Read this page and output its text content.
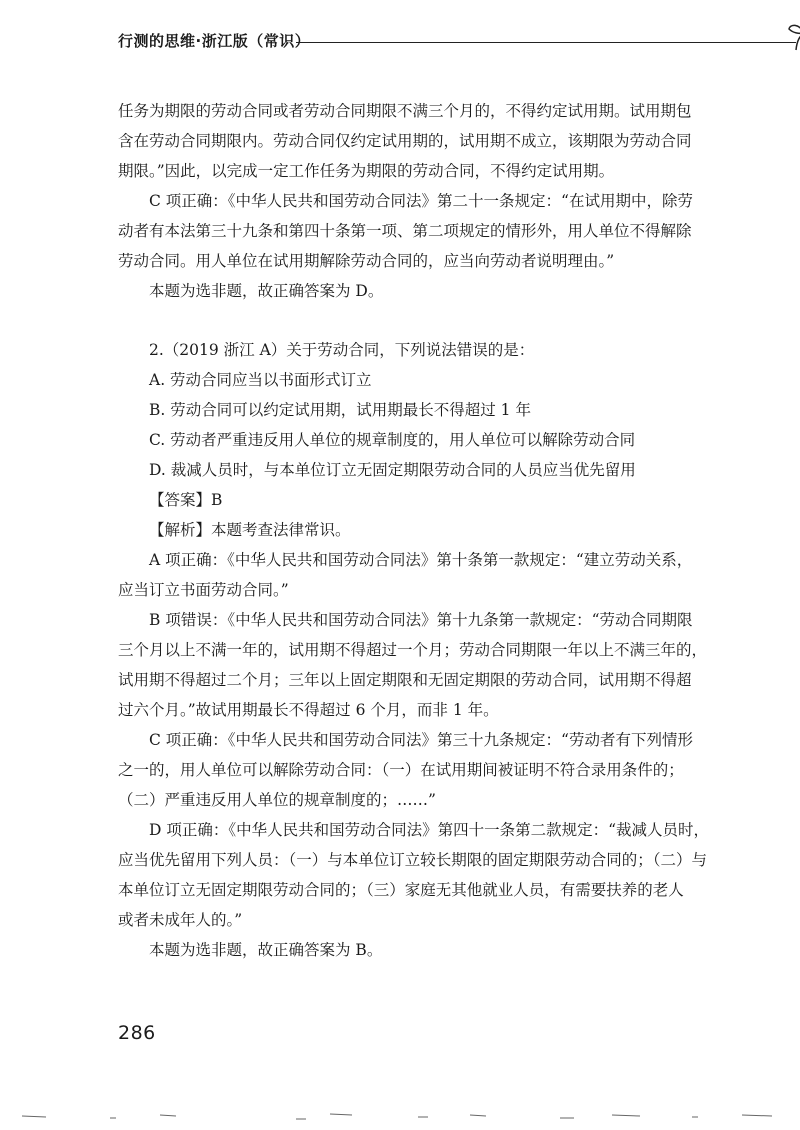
行测的思维·浙江版（常识）
任务为期限的劳动合同或者劳动合同期限不满三个月的，不得约定试用期。试用期包
含在劳动合同期限内。劳动合同仅约定试用期的，试用期不成立，该期限为劳动合同
期限。”因此，以完成一定工作任务为期限的劳动合同，不得约定试用期。
C 项正确：《中华人民共和国劳动合同法》第二十一条规定：“在试用期中，除劳
动者有本法第三十九条和第四十条第一项、第二项规定的情形外，用人单位不得解除
劳动合同。用人单位在试用期解除劳动合同的，应当向劳动者说明理由。”
本题为选非题，故正确答案为 D。
2.（2019 浙江 A）关于劳动合同，下列说法错误的是：
A. 劳动合同应当以书面形式订立
B. 劳动合同可以约定试用期，试用期最长不得超过 1 年
C. 劳动者严重违反用人单位的规章制度的，用人单位可以解除劳动合同
D. 裁减人员时，与本单位订立无固定期限劳动合同的人员应当优先留用
【答案】B
【解析】本题考查法律常识。
A 项正确：《中华人民共和国劳动合同法》第十条第一款规定：“建立劳动关系，
应当订立书面劳动合同。”
B 项错误：《中华人民共和国劳动合同法》第十九条第一款规定：“劳动合同期限
三个月以上不满一年的，试用期不得超过一个月；劳动合同期限一年以上不满三年的，
试用期不得超过二个月；三年以上固定期限和无固定期限的劳动合同，试用期不得超
过六个月。”故试用期最长不得超过 6 个月，而非 1 年。
C 项正确：《中华人民共和国劳动合同法》第三十九条规定：“劳动者有下列情形
之一的，用人单位可以解除劳动合同：（一）在试用期间被证明不符合录用条件的；
（二）严重违反用人单位的规章制度的；……”
D 项正确：《中华人民共和国劳动合同法》第四十一条第二款规定：“裁减人员时，
应当优先留用下列人员：（一）与本单位订立较长期限的固定期限劳动合同的；（二）与
本单位订立无固定期限劳动合同的；（三）家庭无其他就业人员，有需要扶养的老人
或者未成年人的。”
本题为选非题，故正确答案为 B。
286
